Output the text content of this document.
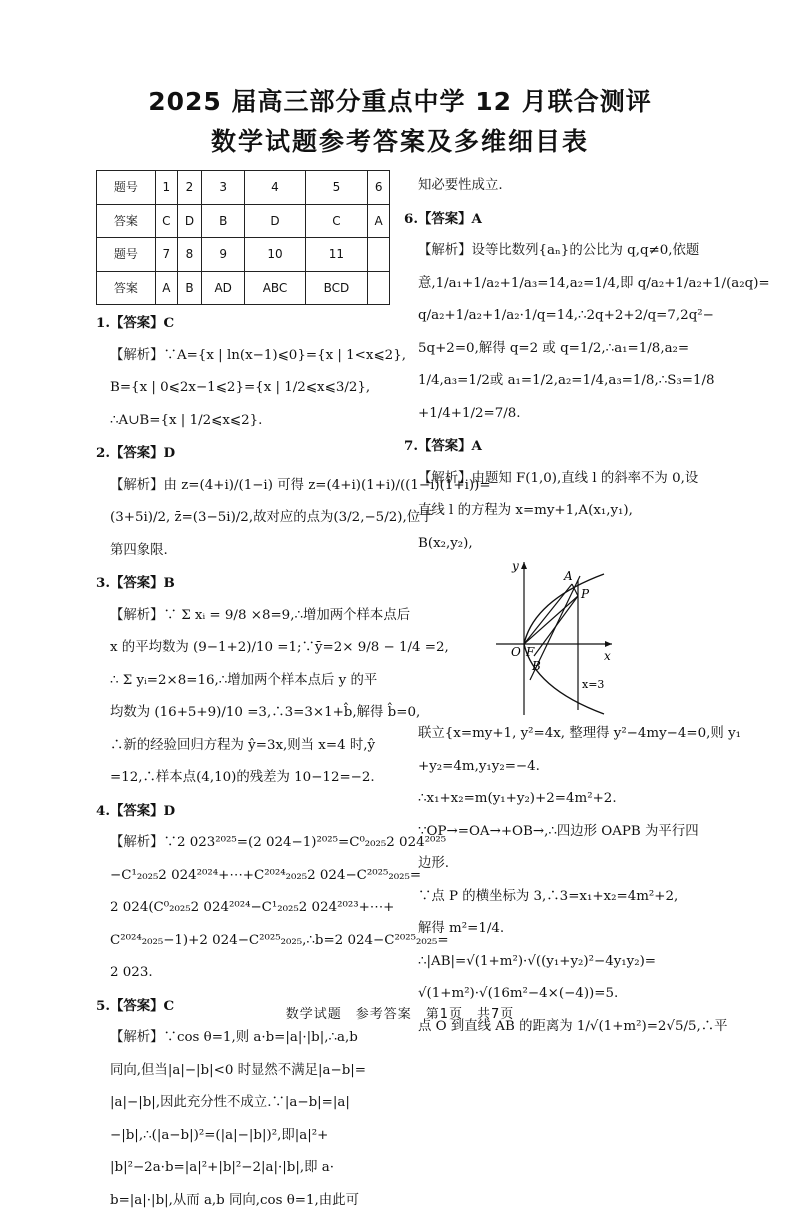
2025 届高三部分重点中学 12 月联合测评
数学试题参考答案及多维细目表
题号	1	2	3	4	5	6
答案	C	D	B	D	C	A
题号	7	8	9	10	11	
答案	A	B	AD	ABC	BCD	
1.【答案】C
【解析】∵A={x | ln(x−1)⩽0}={x | 1<x⩽2},
B={x | 0⩽2x−1⩽2}={x | 1/2⩽x⩽3/2},
∴A∪B={x | 1/2⩽x⩽2}.
2.【答案】D
【解析】由 z=(4+i)/(1−i) 可得 z=(4+i)(1+i)/((1−i)(1+i))=
(3+5i)/2, z̄=(3−5i)/2,故对应的点为(3/2,−5/2),位于
第四象限.
3.【答案】B
【解析】∵ Σ xᵢ = 9/8 ×8=9,∴增加两个样本点后
x 的平均数为 (9−1+2)/10 =1;∵ȳ=2× 9/8 − 1/4 =2,
∴ Σ yᵢ=2×8=16,∴增加两个样本点后 y 的平
均数为 (16+5+9)/10 =3,∴3=3×1+b̂,解得 b̂=0,
∴新的经验回归方程为 ŷ=3x,则当 x=4 时,ŷ
=12,∴样本点(4,10)的残差为 10−12=−2.
4.【答案】D
【解析】∵2 023²⁰²⁵=(2 024−1)²⁰²⁵=C⁰₂₀₂₅2 024²⁰²⁵
−C¹₂₀₂₅2 024²⁰²⁴+⋯+C²⁰²⁴₂₀₂₅2 024−C²⁰²⁵₂₀₂₅=
2 024(C⁰₂₀₂₅2 024²⁰²⁴−C¹₂₀₂₅2 024²⁰²³+⋯+
C²⁰²⁴₂₀₂₅−1)+2 024−C²⁰²⁵₂₀₂₅,∴b=2 024−C²⁰²⁵₂₀₂₅=
2 023.
5.【答案】C
【解析】∵cos θ=1,则 a·b=|a|·|b|,∴a,b
同向,但当|a|−|b|<0 时显然不满足|a−b|=
|a|−|b|,因此充分性不成立.∵|a−b|=|a|
−|b|,∴(|a−b|)²=(|a|−|b|)²,即|a|²+
|b|²−2a·b=|a|²+|b|²−2|a|·|b|,即 a·
b=|a|·|b|,从而 a,b 同向,cos θ=1,由此可
知必要性成立.
6.【答案】A
【解析】设等比数列{aₙ}的公比为 q,q≠0,依题
意,1/a₁+1/a₂+1/a₃=14,a₂=1/4,即 q/a₂+1/a₂+1/(a₂q)=
q/a₂+1/a₂+1/a₂·1/q=14,∴2q+2+2/q=7,2q²−
5q+2=0,解得 q=2 或 q=1/2,∴a₁=1/8,a₂=
1/4,a₃=1/2或 a₁=1/2,a₂=1/4,a₃=1/8,∴S₃=1/8
+1/4+1/2=7/8.
7.【答案】A
【解析】由题知 F(1,0),直线 l 的斜率不为 0,设
直线 l 的方程为 x=my+1,A(x₁,y₁),
B(x₂,y₂),
y
x
O F
A
B
P
x=3
联立{x=my+1, y²=4x, 整理得 y²−4my−4=0,则 y₁
+y₂=4m,y₁y₂=−4.
∴x₁+x₂=m(y₁+y₂)+2=4m²+2.
∵OP→=OA→+OB→,∴四边形 OAPB 为平行四
边形.
∵点 P 的横坐标为 3,∴3=x₁+x₂=4m²+2,
解得 m²=1/4.
∴|AB|=√(1+m²)·√((y₁+y₂)²−4y₁y₂)=
√(1+m²)·√(16m²−4×(−4))=5.
点 O 到直线 AB 的距离为 1/√(1+m²)=2√5/5,∴平
数学试题　参考答案　第1页　共7页
